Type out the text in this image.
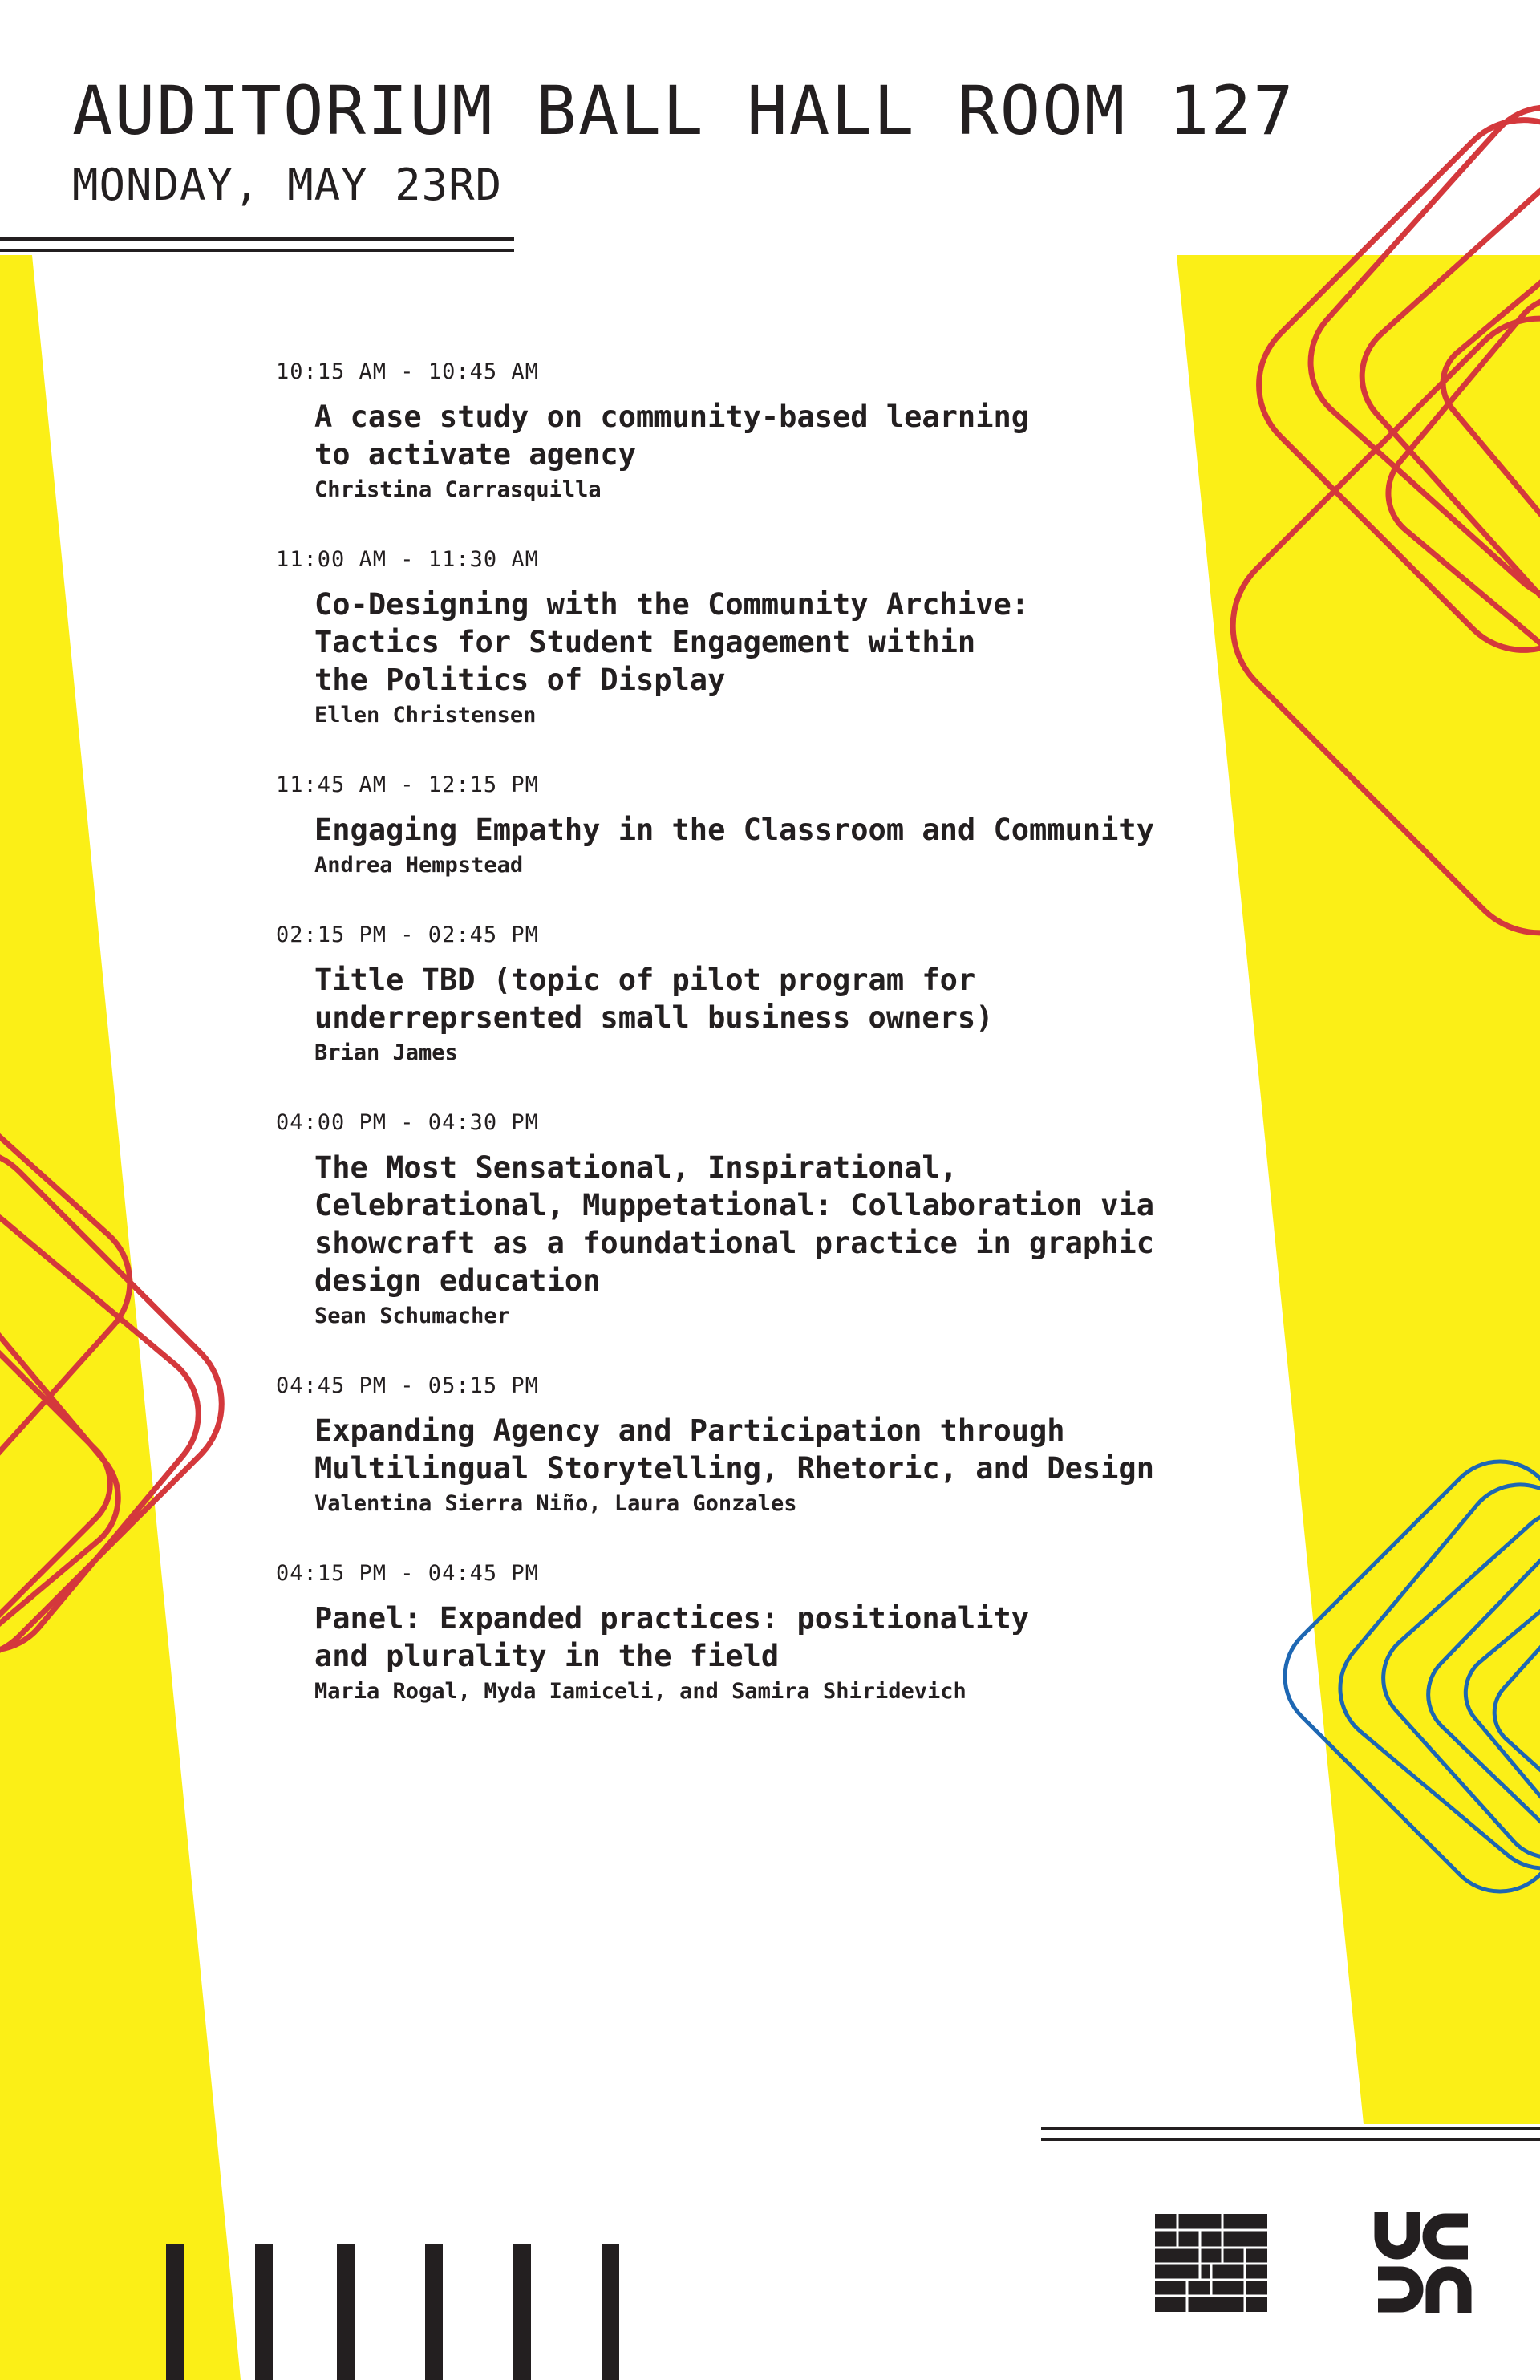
AUDITORIUM BALL HALL ROOM 127
MONDAY, MAY 23RD
10:15 AM - 10:45 AM
A case study on community-based learning
to activate agency
Christina Carrasquilla
11:00 AM - 11:30 AM
Co-Designing with the Community Archive:
Tactics for Student Engagement within
the Politics of Display
Ellen Christensen
11:45 AM - 12:15 PM
Engaging Empathy in the Classroom and Community
Andrea Hempstead
02:15 PM - 02:45 PM
Title TBD (topic of pilot program for
underreprsented small business owners)
Brian James
04:00 PM - 04:30 PM
The Most Sensational, Inspirational,
Celebrational, Muppetational: Collaboration via
showcraft as a foundational practice in graphic
design education
Sean Schumacher
04:45 PM - 05:15 PM
Expanding Agency and Participation through
Multilingual Storytelling, Rhetoric, and Design
Valentina Sierra Niño, Laura Gonzales
04:15 PM - 04:45 PM
Panel: Expanded practices: positionality
and plurality in the field
Maria Rogal, Myda Iamiceli, and Samira Shiridevich
